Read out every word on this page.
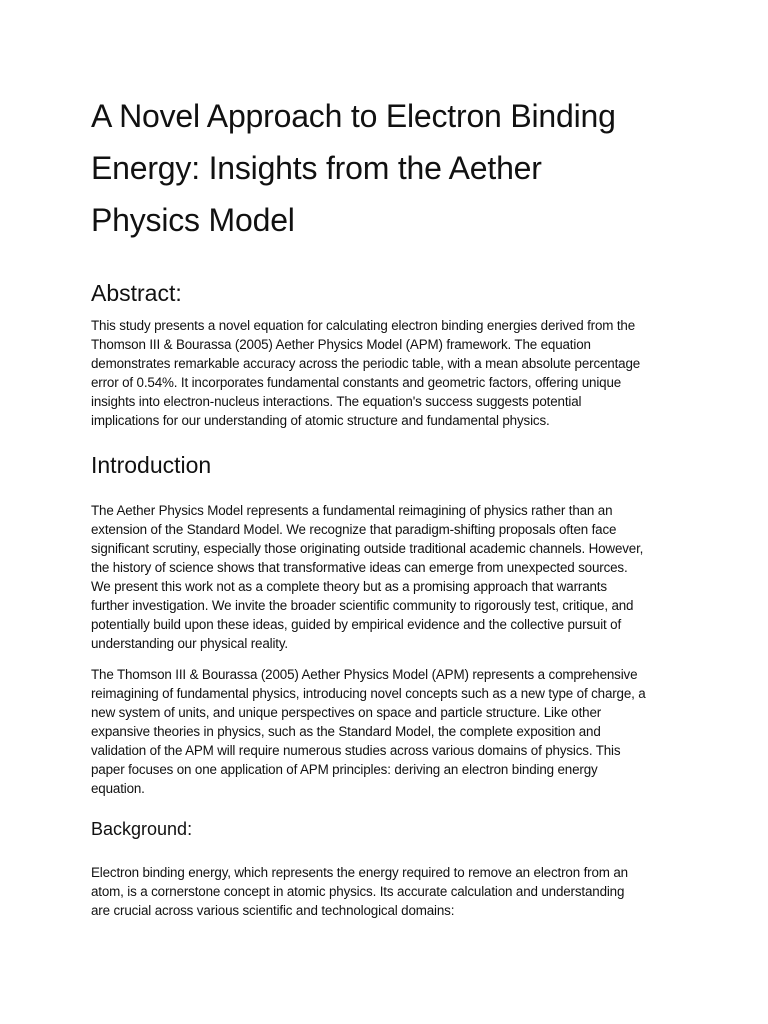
A Novel Approach to Electron Binding
Energy: Insights from the Aether
Physics Model
Abstract:

This study presents a novel equation for calculating electron binding energies derived from the
Thomson III & Bourassa (2005) Aether Physics Model (APM) framework. The equation
demonstrates remarkable accuracy across the periodic table, with a mean absolute percentage
error of 0.54%. It incorporates fundamental constants and geometric factors, offering unique
insights into electron-nucleus interactions. The equation's success suggests potential
implications for our understanding of atomic structure and fundamental physics.

Introduction

The Aether Physics Model represents a fundamental reimagining of physics rather than an
extension of the Standard Model. We recognize that paradigm-shifting proposals often face
significant scrutiny, especially those originating outside traditional academic channels. However,
the history of science shows that transformative ideas can emerge from unexpected sources.
We present this work not as a complete theory but as a promising approach that warrants
further investigation. We invite the broader scientific community to rigorously test, critique, and
potentially build upon these ideas, guided by empirical evidence and the collective pursuit of
understanding our physical reality.

The Thomson III & Bourassa (2005) Aether Physics Model (APM) represents a comprehensive
reimagining of fundamental physics, introducing novel concepts such as a new type of charge, a
new system of units, and unique perspectives on space and particle structure. Like other
expansive theories in physics, such as the Standard Model, the complete exposition and
validation of the APM will require numerous studies across various domains of physics. This
paper focuses on one application of APM principles: deriving an electron binding energy
equation.

Background:

Electron binding energy, which represents the energy required to remove an electron from an
atom, is a cornerstone concept in atomic physics. Its accurate calculation and understanding
are crucial across various scientific and technological domains:
